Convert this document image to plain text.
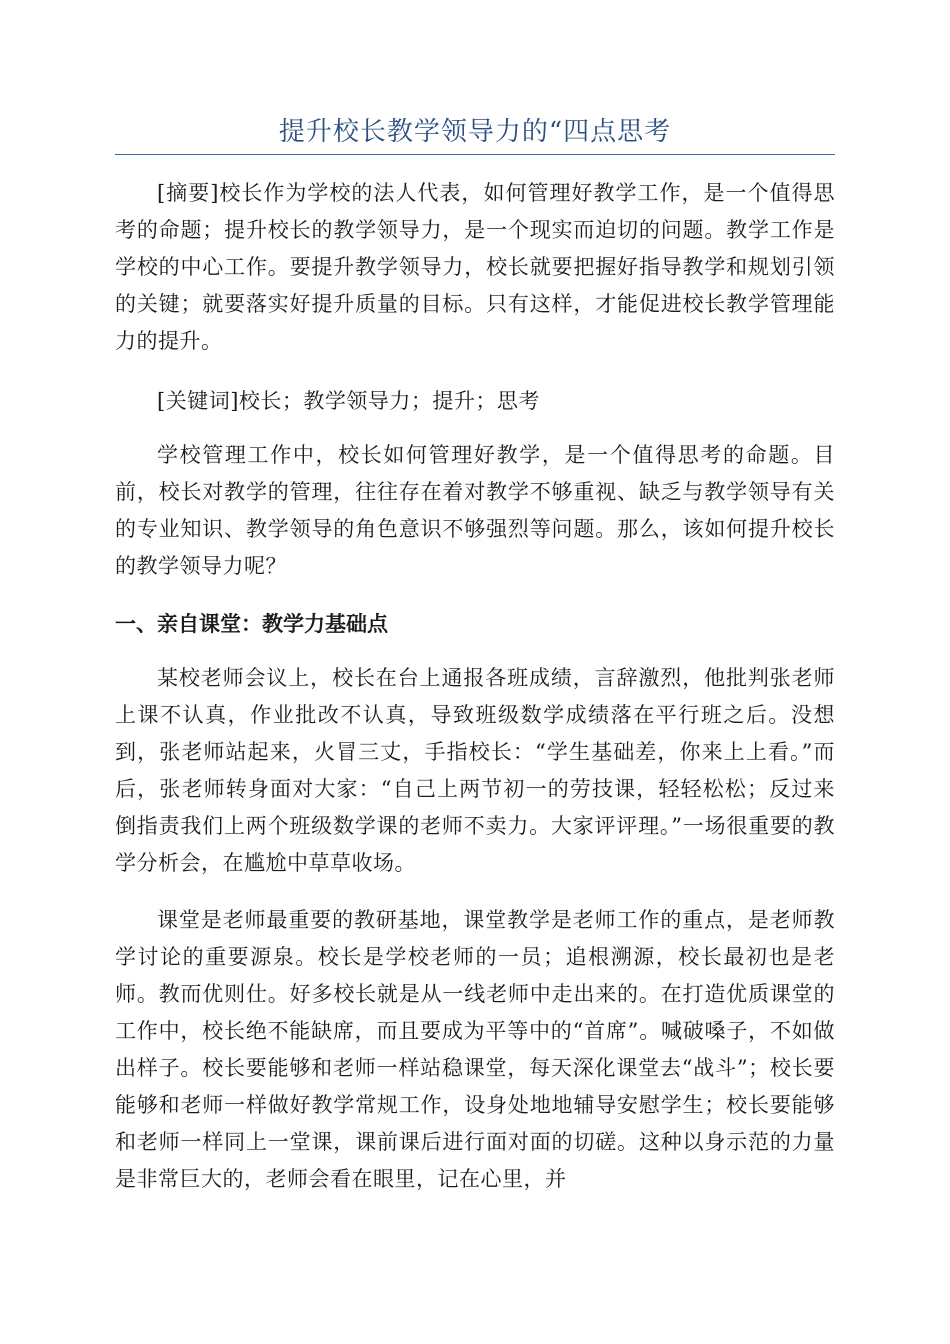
提升校长教学领导力的“四点思考

[摘要]校长作为学校的法人代表，如何管理好教学工作，是一个值得思考的命题；提升校长的教学领导力，是一个现实而迫切的问题。教学工作是学校的中心工作。要提升教学领导力，校长就要把握好指导教学和规划引领的关键；就要落实好提升质量的目标。只有这样，才能促进校长教学管理能力的提升。

[关键词]校长；教学领导力；提升；思考

学校管理工作中，校长如何管理好教学，是一个值得思考的命题。目前，校长对教学的管理，往往存在着对教学不够重视、缺乏与教学领导有关的专业知识、教学领导的角色意识不够强烈等问题。那么，该如何提升校长的教学领导力呢？

一、亲自课堂：教学力基础点

某校老师会议上，校长在台上通报各班成绩，言辞激烈，他批判张老师上课不认真，作业批改不认真，导致班级数学成绩落在平行班之后。没想到，张老师站起来，火冒三丈，手指校长：“学生基础差，你来上上看。”而后，张老师转身面对大家：“自己上两节初一的劳技课，轻轻松松；反过来倒指责我们上两个班级数学课的老师不卖力。大家评评理。”一场很重要的教学分析会，在尴尬中草草收场。

课堂是老师最重要的教研基地，课堂教学是老师工作的重点，是老师教学讨论的重要源泉。校长是学校老师的一员；追根溯源，校长最初也是老师。教而优则仕。好多校长就是从一线老师中走出来的。在打造优质课堂的工作中，校长绝不能缺席，而且要成为平等中的“首席”。喊破嗓子，不如做出样子。校长要能够和老师一样站稳课堂，每天深化课堂去“战斗”；校长要能够和老师一样做好教学常规工作，设身处地地辅导安慰学生；校长要能够和老师一样同上一堂课，课前课后进行面对面的切磋。这种以身示范的力量是非常巨大的，老师会看在眼里，记在心里，并
